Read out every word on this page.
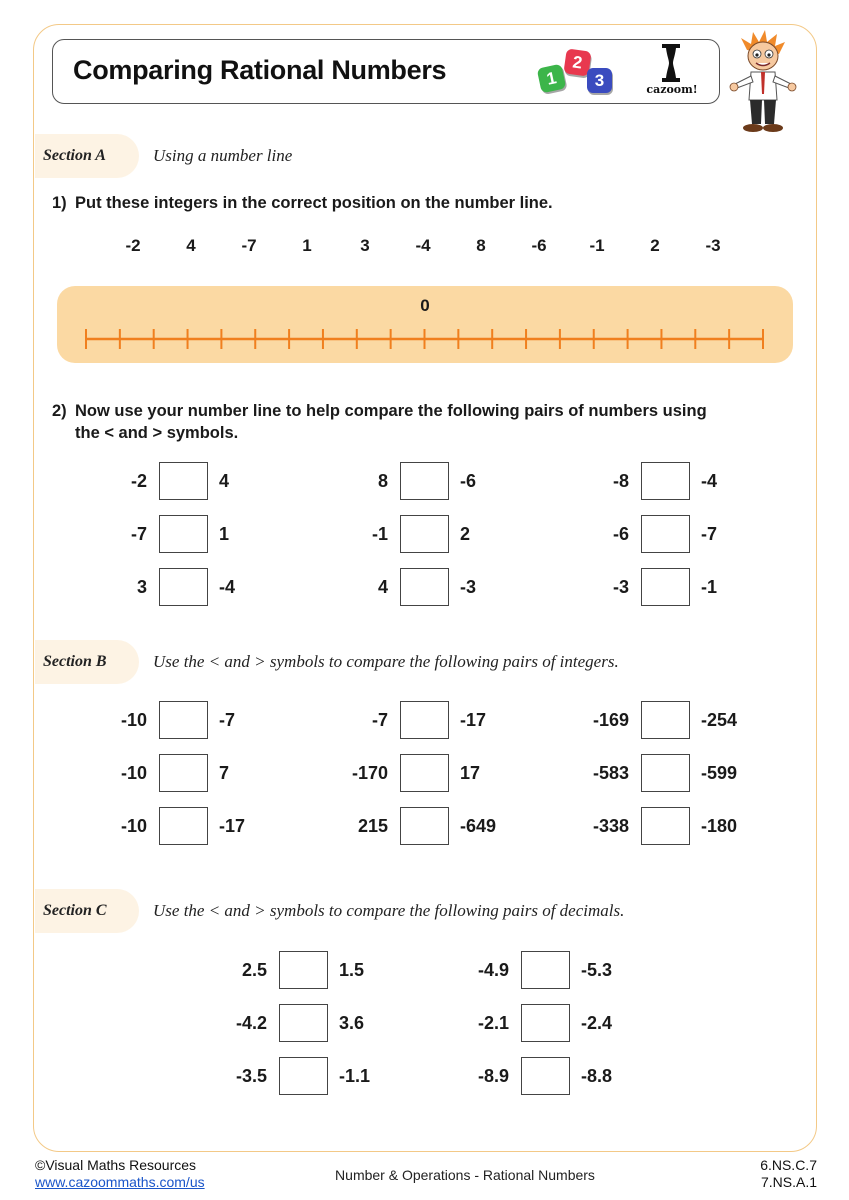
Comparing Rational Numbers	1
2
3	cazoom!
Section A	Using a number line
1) Put these integers in the correct position on the number line.
-2	4	-7	1	3	-4	8	-6	-1	2	-3
0
2) Now use your number line to help compare the following pairs of numbers using
the < and > symbols.
-2	4	8	-6	-8	-4
-7	1	-1	2	-6	-7
3	-4	4	-3	-3	-1
Section B	Use the < and > symbols to compare the following pairs of integers.
-10	-7	-7	-17	-169	-254
-10	7	-170	17	-583	-599
-10	-17	215	-649	-338	-180
Section C	Use the < and > symbols to compare the following pairs of decimals.
2.5	1.5	-4.9	-5.3
-4.2	3.6	-2.1	-2.4
-3.5	-1.1	-8.9	-8.8
©Visual Maths Resources
www.cazoommaths.com/us	Number & Operations - Rational Numbers
6.NS.C.7
7.NS.A.1
